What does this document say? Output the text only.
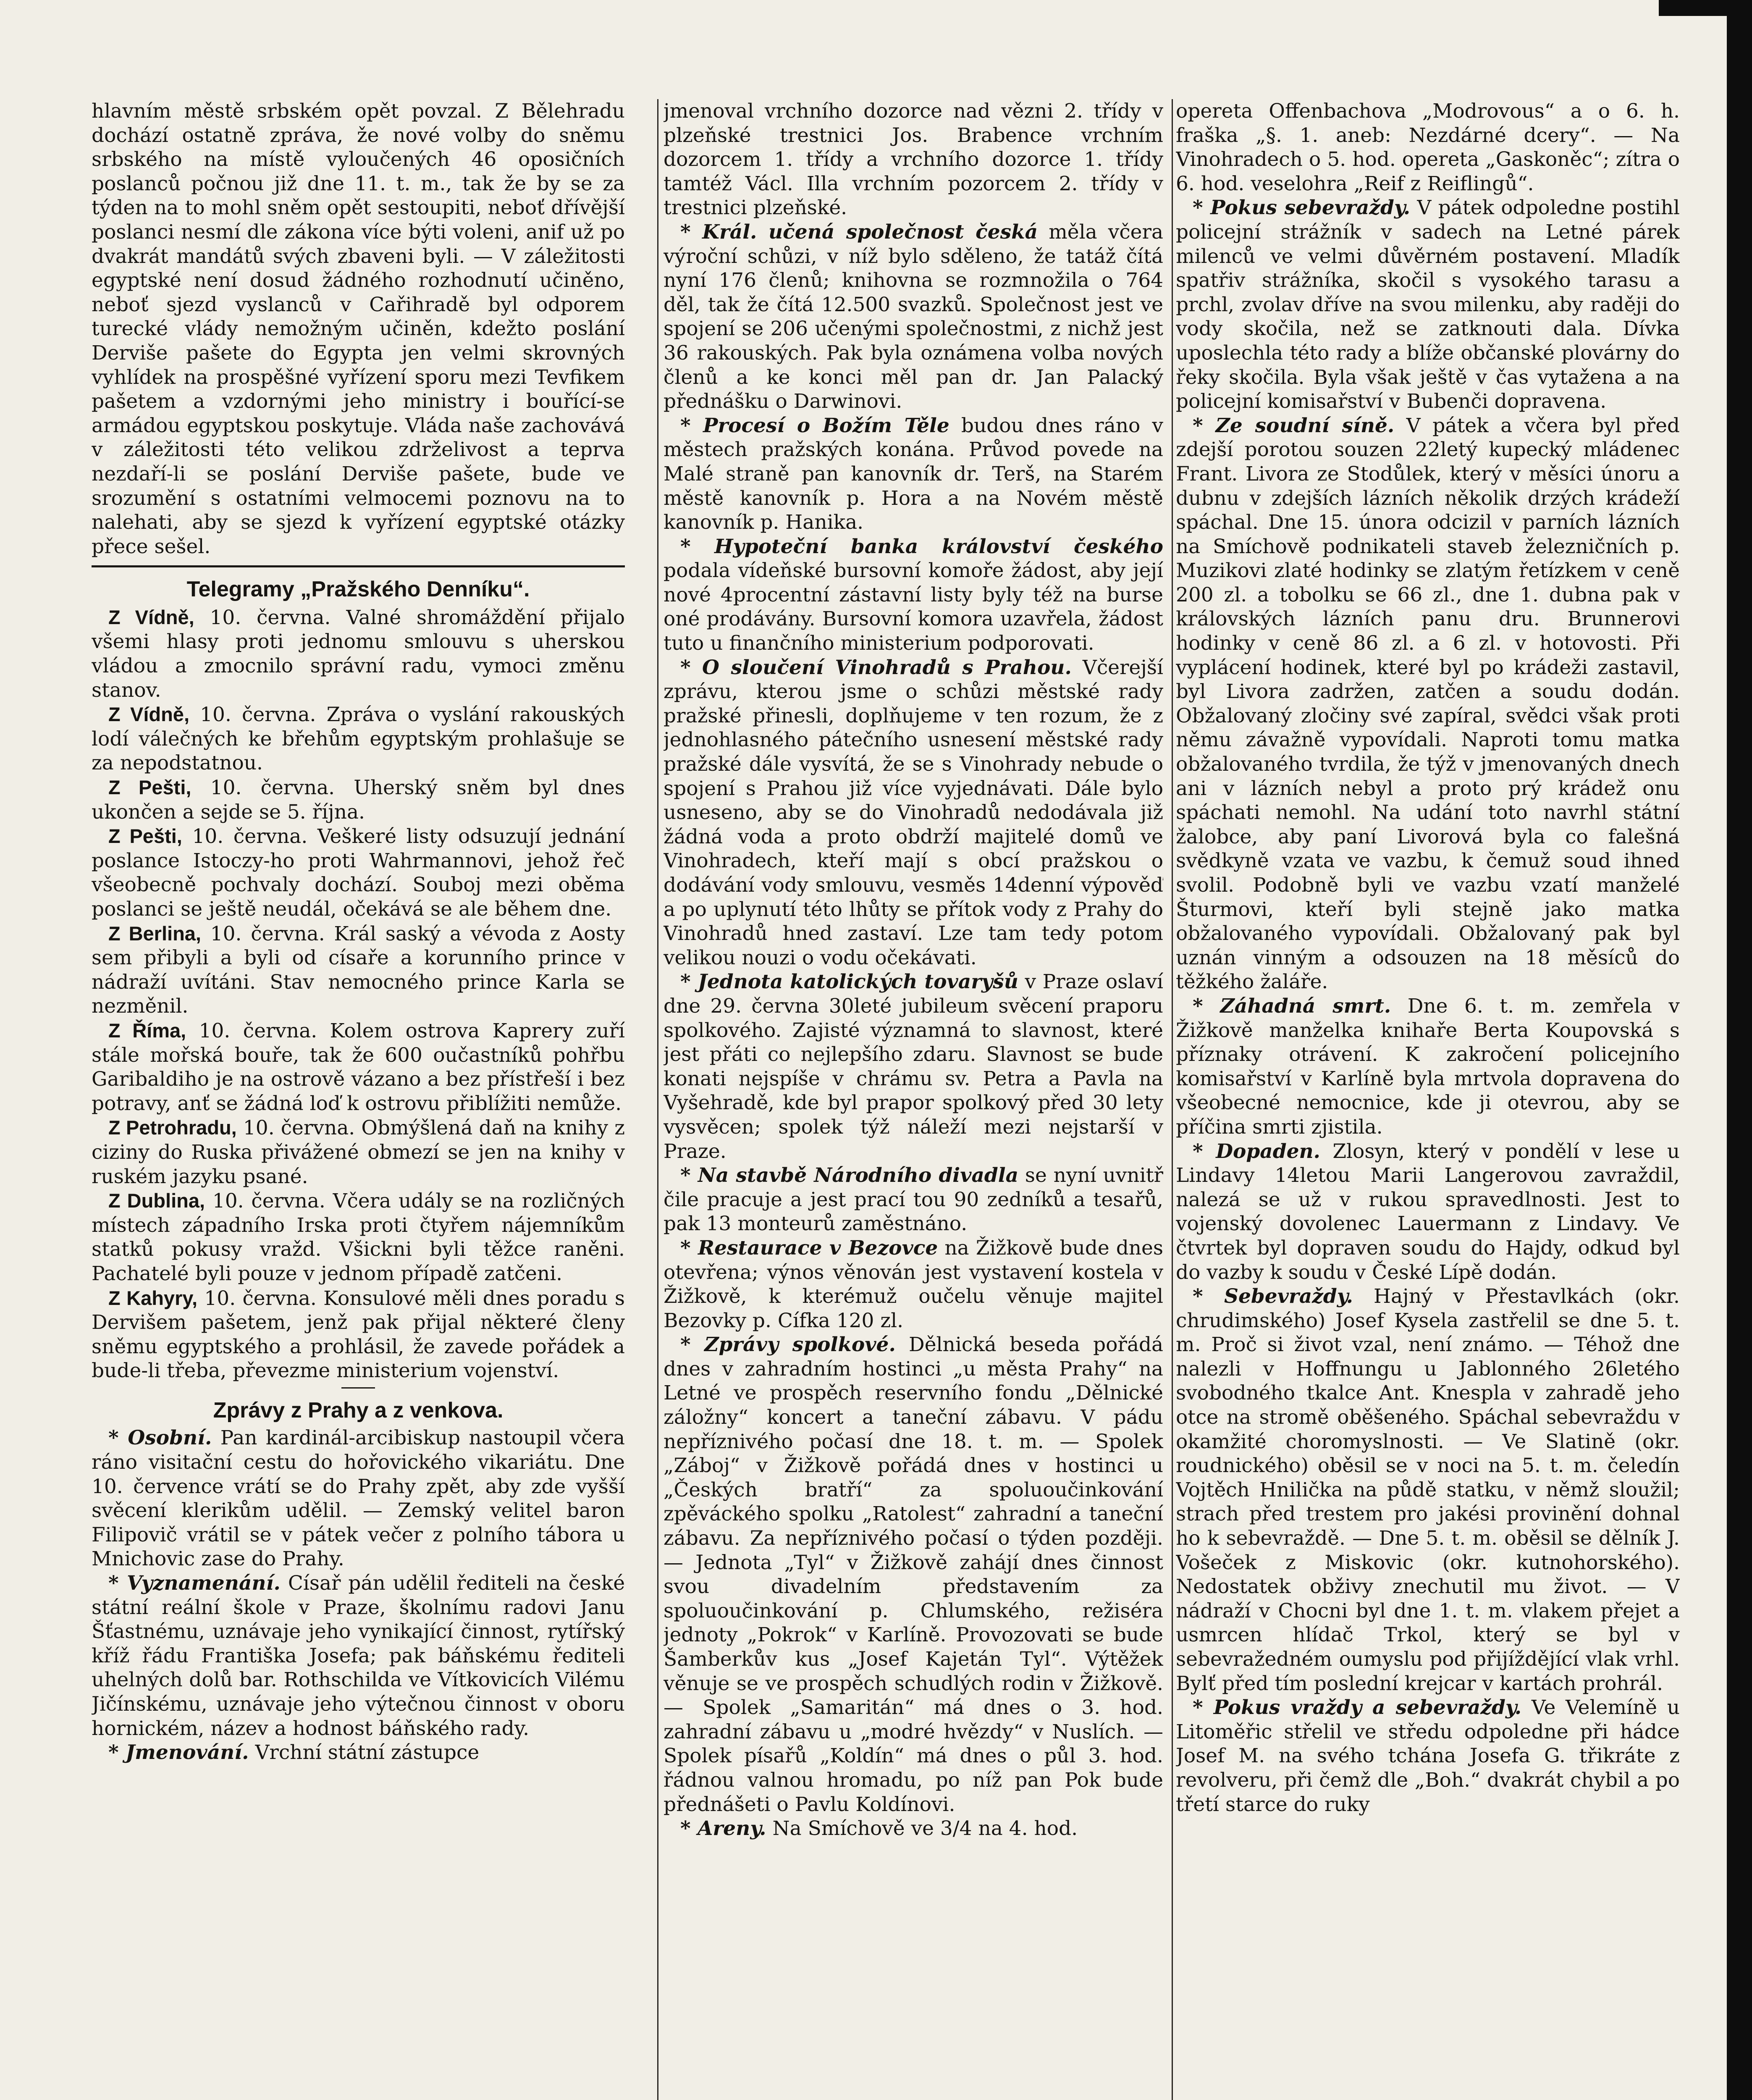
hlavním městě srbském opět povzal. Z Bělehradu dochází ostatně zpráva, že nové volby do sněmu srbského na místě vyloučených 46 oposičních poslanců počnou již dne 11. t. m., tak že by se za týden na to mohl sněm opět sestoupiti, neboť dřívější poslanci nesmí dle zákona více býti voleni, anif už po dvakrát mandátů svých zbaveni byli. — V záležitosti egyptské není dosud žádného rozhodnutí učiněno, neboť sjezd vyslanců v Cařihradě byl odporem turecké vlády nemožným učiněn, kdežto poslání Derviše pašete do Egypta jen velmi skrovných vyhlídek na prospěšné vyřízení sporu mezi Tevfikem pašetem a vzdornými jeho ministry i bouřící-se armádou egyptskou poskytuje. Vláda naše zachovává v záležitosti této velikou zdrželivost a teprva nezdaří-li se poslání Derviše pašete, bude ve srozumění s ostatními velmocemi poznovu na to nalehati, aby se sjezd k vyřízení egyptské otázky přece sešel.

Telegramy „Pražského Denníku“.

Z Vídně, 10. června. Valné shromáždění přijalo všemi hlasy proti jednomu smlouvu s uherskou vládou a zmocnilo správní radu, vymoci změnu stanov.

Z Vídně, 10. června. Zpráva o vyslání rakouských lodí válečných ke břehům egyptským prohlašuje se za nepodstatnou.

Z Pešti, 10. června. Uherský sněm byl dnes ukončen a sejde se 5. října.

Z Pešti, 10. června. Veškeré listy odsuzují jednání poslance Istoczy-ho proti Wahrmannovi, jehož řeč všeobecně pochvaly dochází. Souboj mezi oběma poslanci se ještě neudál, očekává se ale během dne.

Z Berlina, 10. června. Král saský a vévoda z Aosty sem přibyli a byli od císaře a korunního prince v nádraží uvítáni. Stav nemocného prince Karla se nezměnil.

Z Říma, 10. června. Kolem ostrova Kaprery zuří stále mořská bouře, tak že 600 oučastníků pohřbu Garibaldiho je na ostrově vázano a bez přístřeší i bez potravy, anť se žádná loď k ostrovu přiblížiti nemůže.

Z Petrohradu, 10. června. Obmýšlená daň na knihy z ciziny do Ruska přivážené obmezí se jen na knihy v ruském jazyku psané.

Z Dublina, 10. června. Včera udály se na rozličných místech západního Irska proti čtyřem nájemníkům statků pokusy vražd. Všickni byli těžce raněni. Pachatelé byli pouze v jednom případě zatčeni.

Z Kahyry, 10. června. Konsulové měli dnes poradu s Dervišem pašetem, jenž pak přijal některé členy sněmu egyptského a prohlásil, že zavede pořádek a bude-li třeba, převezme ministerium vojenství.

Zprávy z Prahy a z venkova.

* Osobní. Pan kardinál-arcibiskup nastoupil včera ráno visitační cestu do hořovického vikariátu. Dne 10. července vrátí se do Prahy zpět, aby zde vyšší svěcení klerikům udělil. — Zemský velitel baron Filipovič vrátil se v pátek večer z polního tábora u Mnichovic zase do Prahy.

* Vyznamenání. Císař pán udělil řediteli na české státní reální škole v Praze, školnímu radovi Janu Šťastnému, uznávaje jeho vynikající činnost, rytířský kříž řádu Františka Josefa; pak báňskému řediteli uhelných dolů bar. Rothschilda ve Vítkovicích Vilému Jičínskému, uznávaje jeho výtečnou činnost v oboru hornickém, název a hodnost báňského rady.

* Jmenování. Vrchní státní zástupce

jmenoval vrchního dozorce nad vězni 2. třídy v plzeňské trestnici Jos. Brabence vrchním dozorcem 1. třídy a vrchního dozorce 1. třídy tamtéž Václ. Illa vrchním pozorcem 2. třídy v trestnici plzeňské.

* Král. učená společnost česká měla včera výroční schůzi, v níž bylo sděleno, že tatáž čítá nyní 176 členů; knihovna se rozmnožila o 764 děl, tak že čítá 12.500 svazků. Společnost jest ve spojení se 206 učenými společnostmi, z nichž jest 36 rakouských. Pak byla oznámena volba nových členů a ke konci měl pan dr. Jan Palacký přednášku o Darwinovi.

* Procesí o Božím Těle budou dnes ráno v městech pražských konána. Průvod povede na Malé straně pan kanovník dr. Terš, na Starém městě kanovník p. Hora a na Novém městě kanovník p. Hanika.

* Hypoteční banka království českého podala vídeňské bursovní komoře žádost, aby její nové 4procentní zástavní listy byly též na burse oné prodávány. Bursovní komora uzavřela, žádost tuto u finančního ministerium podporovati.

* O sloučení Vinohradů s Prahou. Včerejší zprávu, kterou jsme o schůzi městské rady pražské přinesli, doplňujeme v ten rozum, že z jednohlasného pátečního usnesení městské rady pražské dále vysvítá, že se s Vinohrady nebude o spojení s Prahou již více vyjednávati. Dále bylo usneseno, aby se do Vinohradů nedodávala již žádná voda a proto obdrží majitelé domů ve Vinohradech, kteří mají s obcí pražskou o dodávání vody smlouvu, vesměs 14denní výpověď a po uplynutí této lhůty se přítok vody z Prahy do Vinohradů hned zastaví. Lze tam tedy potom velikou nouzi o vodu očekávati.

* Jednota katolických tovaryšů v Praze oslaví dne 29. června 30leté jubileum svěcení praporu spolkového. Zajisté významná to slavnost, které jest přáti co nejlepšího zdaru. Slavnost se bude konati nejspíše v chrámu sv. Petra a Pavla na Vyšehradě, kde byl prapor spolkový před 30 lety vysvěcen; spolek týž náleží mezi nejstarší v Praze.

* Na stavbě Národního divadla se nyní uvnitř čile pracuje a jest prací tou 90 zedníků a tesařů, pak 13 monteurů zaměstnáno.

* Restaurace v Bezovce na Žižkově bude dnes otevřena; výnos věnován jest vystavení kostela v Žižkově, k kterémuž oučelu věnuje majitel Bezovky p. Cífka 120 zl.

* Zprávy spolkové. Dělnická beseda pořádá dnes v zahradním hostinci „u města Prahy“ na Letné ve prospěch reservního fondu „Dělnické záložny“ koncert a taneční zábavu. V pádu nepříznivého počasí dne 18. t. m. — Spolek „Záboj“ v Žižkově pořádá dnes v hostinci u „Českých bratří“ za spoluoučinkování zpěváckého spolku „Ratolest“ zahradní a taneční zábavu. Za nepříznivého počasí o týden později. — Jednota „Tyl“ v Žižkově zahájí dnes činnost svou divadelním představením za spoluoučinkování p. Chlumského, režiséra jednoty „Pokrok“ v Karlíně. Provozovati se bude Šamberkův kus „Josef Kajetán Tyl“. Výtěžek věnuje se ve prospěch schudlých rodin v Žižkově. — Spolek „Samaritán“ má dnes o 3. hod. zahradní zábavu u „modré hvězdy“ v Nuslích. — Spolek písařů „Koldín“ má dnes o půl 3. hod. řádnou valnou hromadu, po níž pan Pok bude přednášeti o Pavlu Koldínovi.

* Areny. Na Smíchově ve 3/4 na 4. hod.

opereta Offenbachova „Modrovous“ a o 6. h. fraška „§. 1. aneb: Nezdárné dcery“. — Na Vinohradech o 5. hod. opereta „Gaskoněc“; zítra o 6. hod. veselohra „Reif z Reiflingů“.

* Pokus sebevraždy. V pátek odpoledne postihl policejní strážník v sadech na Letné párek milenců ve velmi důvěrném postavení. Mladík spatřiv strážníka, skočil s vysokého tarasu a prchl, zvolav dříve na svou milenku, aby raději do vody skočila, než se zatknouti dala. Dívka uposlechla této rady a blíže občanské plovárny do řeky skočila. Byla však ještě v čas vytažena a na policejní komisařství v Bubenči dopravena.

* Ze soudní síně. V pátek a včera byl před zdejší porotou souzen 22letý kupecký mládenec Frant. Livora ze Stodůlek, který v měsíci únoru a dubnu v zdejších lázních několik drzých krádeží spáchal. Dne 15. února odcizil v parních lázních na Smíchově podnikateli staveb železničních p. Muzikovi zlaté hodinky se zlatým řetízkem v ceně 200 zl. a tobolku se 66 zl., dne 1. dubna pak v královských lázních panu dru. Brunnerovi hodinky v ceně 86 zl. a 6 zl. v hotovosti. Při vyplácení hodinek, které byl po krádeži zastavil, byl Livora zadržen, zatčen a soudu dodán. Obžalovaný zločiny své zapíral, svědci však proti němu závažně vypovídali. Naproti tomu matka obžalovaného tvrdila, že týž v jmenovaných dnech ani v lázních nebyl a proto prý krádež onu spáchati nemohl. Na udání toto navrhl státní žalobce, aby paní Livorová byla co falešná svědkyně vzata ve vazbu, k čemuž soud ihned svolil. Podobně byli ve vazbu vzatí manželé Šturmovi, kteří byli stejně jako matka obžalovaného vypovídali. Obžalovaný pak byl uznán vinným a odsouzen na 18 měsíců do těžkého žaláře.

* Záhadná smrt. Dne 6. t. m. zemřela v Žižkově manželka knihaře Berta Koupovská s příznaky otrávení. K zakročení policejního komisařství v Karlíně byla mrtvola dopravena do všeobecné nemocnice, kde ji otevrou, aby se příčina smrti zjistila.

* Dopaden. Zlosyn, který v pondělí v lese u Lindavy 14letou Marii Langerovou zavraždil, nalezá se už v rukou spravedlnosti. Jest to vojenský dovolenec Lauermann z Lindavy. Ve čtvrtek byl dopraven soudu do Hajdy, odkud byl do vazby k soudu v České Lípě dodán.

* Sebevraždy. Hajný v Přestavlkách (okr. chrudimského) Josef Kysela zastřelil se dne 5. t. m. Proč si život vzal, není známo. — Téhož dne nalezli v Hoffnungu u Jablonného 26letého svobodného tkalce Ant. Knespla v zahradě jeho otce na stromě oběšeného. Spáchal sebevraždu v okamžité choromyslnosti. — Ve Slatině (okr. roudnického) oběsil se v noci na 5. t. m. čeledín Vojtěch Hnilička na půdě statku, v němž sloužil; strach před trestem pro jakési provinění dohnal ho k sebevraždě. — Dne 5. t. m. oběsil se dělník J. Vošeček z Miskovic (okr. kutnohorského). Nedostatek obživy znechutil mu život. — V nádraží v Chocni byl dne 1. t. m. vlakem přejet a usmrcen hlídač Trkol, který se byl v sebevražedném oumyslu pod přijíždějící vlak vrhl. Bylť před tím poslední krejcar v kartách prohrál.

* Pokus vraždy a sebevraždy. Ve Velemíně u Litoměřic střelil ve středu odpoledne při hádce Josef M. na svého tchána Josefa G. třikráte z revolveru, při čemž dle „Boh.“ dvakrát chybil a po třetí starce do ruky
